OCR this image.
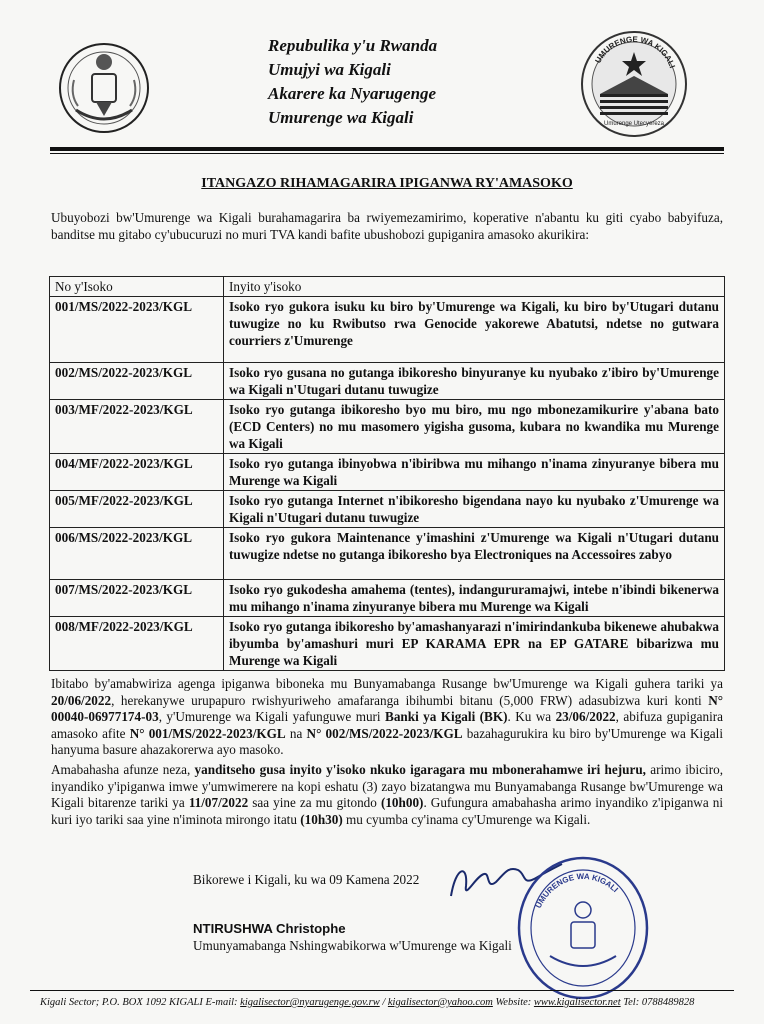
Repubulika y'u Rwanda
Umujyi wa Kigali
Akarere ka Nyarugenge
Umurenge wa Kigali
UMURENGE WA KIGALI
Umurenge Utecyereza
ITANGAZO RIHAMAGARIRA IPIGANWA RY'AMASOKO
Ubuyobozi bw'Umurenge wa Kigali burahamagarira ba rwiyemezamirimo, koperative n'abantu ku giti cyabo babyifuza, banditse mu gitabo cy'ubucuruzi no muri TVA kandi bafite ubushobozi gupiganira amasoko akurikira:
No y'Isoko	Inyito y'isoko
001/MS/2022-2023/KGL	Isoko ryo gukora isuku ku biro by'Umurenge wa Kigali, ku biro by'Utugari dutanu tuwugize no ku Rwibutso rwa Genocide yakorewe Abatutsi, ndetse no gutwara courriers z'Umurenge
002/MS/2022-2023/KGL	Isoko ryo gusana no gutanga ibikoresho binyuranye ku nyubako z'ibiro by'Umurenge wa Kigali n'Utugari dutanu tuwugize
003/MF/2022-2023/KGL	Isoko ryo gutanga ibikoresho byo mu biro, mu ngo mbonezamikurire y'abana bato (ECD Centers) no mu masomero yigisha gusoma, kubara no kwandika mu Murenge wa Kigali
004/MF/2022-2023/KGL	Isoko ryo gutanga ibinyobwa n'ibiribwa mu mihango n'inama zinyuranye bibera mu Murenge wa Kigali
005/MF/2022-2023/KGL	Isoko ryo gutanga Internet n'ibikoresho bigendana nayo ku nyubako z'Umurenge wa Kigali n'Utugari dutanu tuwugize
006/MS/2022-2023/KGL	Isoko ryo gukora Maintenance y'imashini z'Umurenge wa Kigali n'Utugari dutanu tuwugize ndetse no gutanga ibikoresho bya Electroniques na Accessoires zabyo
007/MS/2022-2023/KGL	Isoko ryo gukodesha amahema (tentes), indangururamajwi, intebe n'ibindi bikenerwa mu mihango n'inama zinyuranye bibera mu Murenge wa Kigali
008/MF/2022-2023/KGL	Isoko ryo gutanga ibikoresho by'amashanyarazi n'imirindankuba bikenewe ahubakwa ibyumba by'amashuri muri EP KARAMA EPR na EP GATARE bibarizwa mu Murenge wa Kigali
Ibitabo by'amabwiriza agenga ipiganwa biboneka mu Bunyamabanga Rusange bw'Umurenge wa Kigali guhera tariki ya 20/06/2022, herekanywe urupapuro rwishyuriweho amafaranga ibihumbi bitanu (5,000 FRW) adasubizwa kuri konti N° 00040-06977174-03, y'Umurenge wa Kigali yafunguwe muri Banki ya Kigali (BK). Ku wa 23/06/2022, abifuza gupiganira amasoko afite N° 001/MS/2022-2023/KGL na N° 002/MS/2022-2023/KGL bazahagurukira ku biro by'Umurenge wa Kigali hanyuma basure ahazakorerwa ayo masoko.
Amabahasha afunze neza, yanditseho gusa inyito y'isoko nkuko igaragara mu mbonerahamwe iri hejuru, arimo ibiciro, inyandiko y'ipiganwa imwe y'umwimerere na kopi eshatu (3) zayo bizatangwa mu Bunyamabanga Rusange bw'Umurenge wa Kigali bitarenze tariki ya 11/07/2022 saa yine za mu gitondo (10h00). Gufungura amabahasha arimo inyandiko z'ipiganwa ni kuri iyo tariki saa yine n'iminota mirongo itatu (10h30) mu cyumba cy'inama cy'Umurenge wa Kigali.
Bikorewe i Kigali, ku wa 09 Kamena 2022
UMURENGE WA KIGALI
NTIRUSHWA Christophe
Umunyamabanga Nshingwabikorwa w'Umurenge wa Kigali
Kigali Sector; P.O. BOX 1092 KIGALI E-mail: kigalisector@nyarugenge.gov.rw / kigalisector@yahoo.com Website: www.kigalisector.net Tel: 0788489828
